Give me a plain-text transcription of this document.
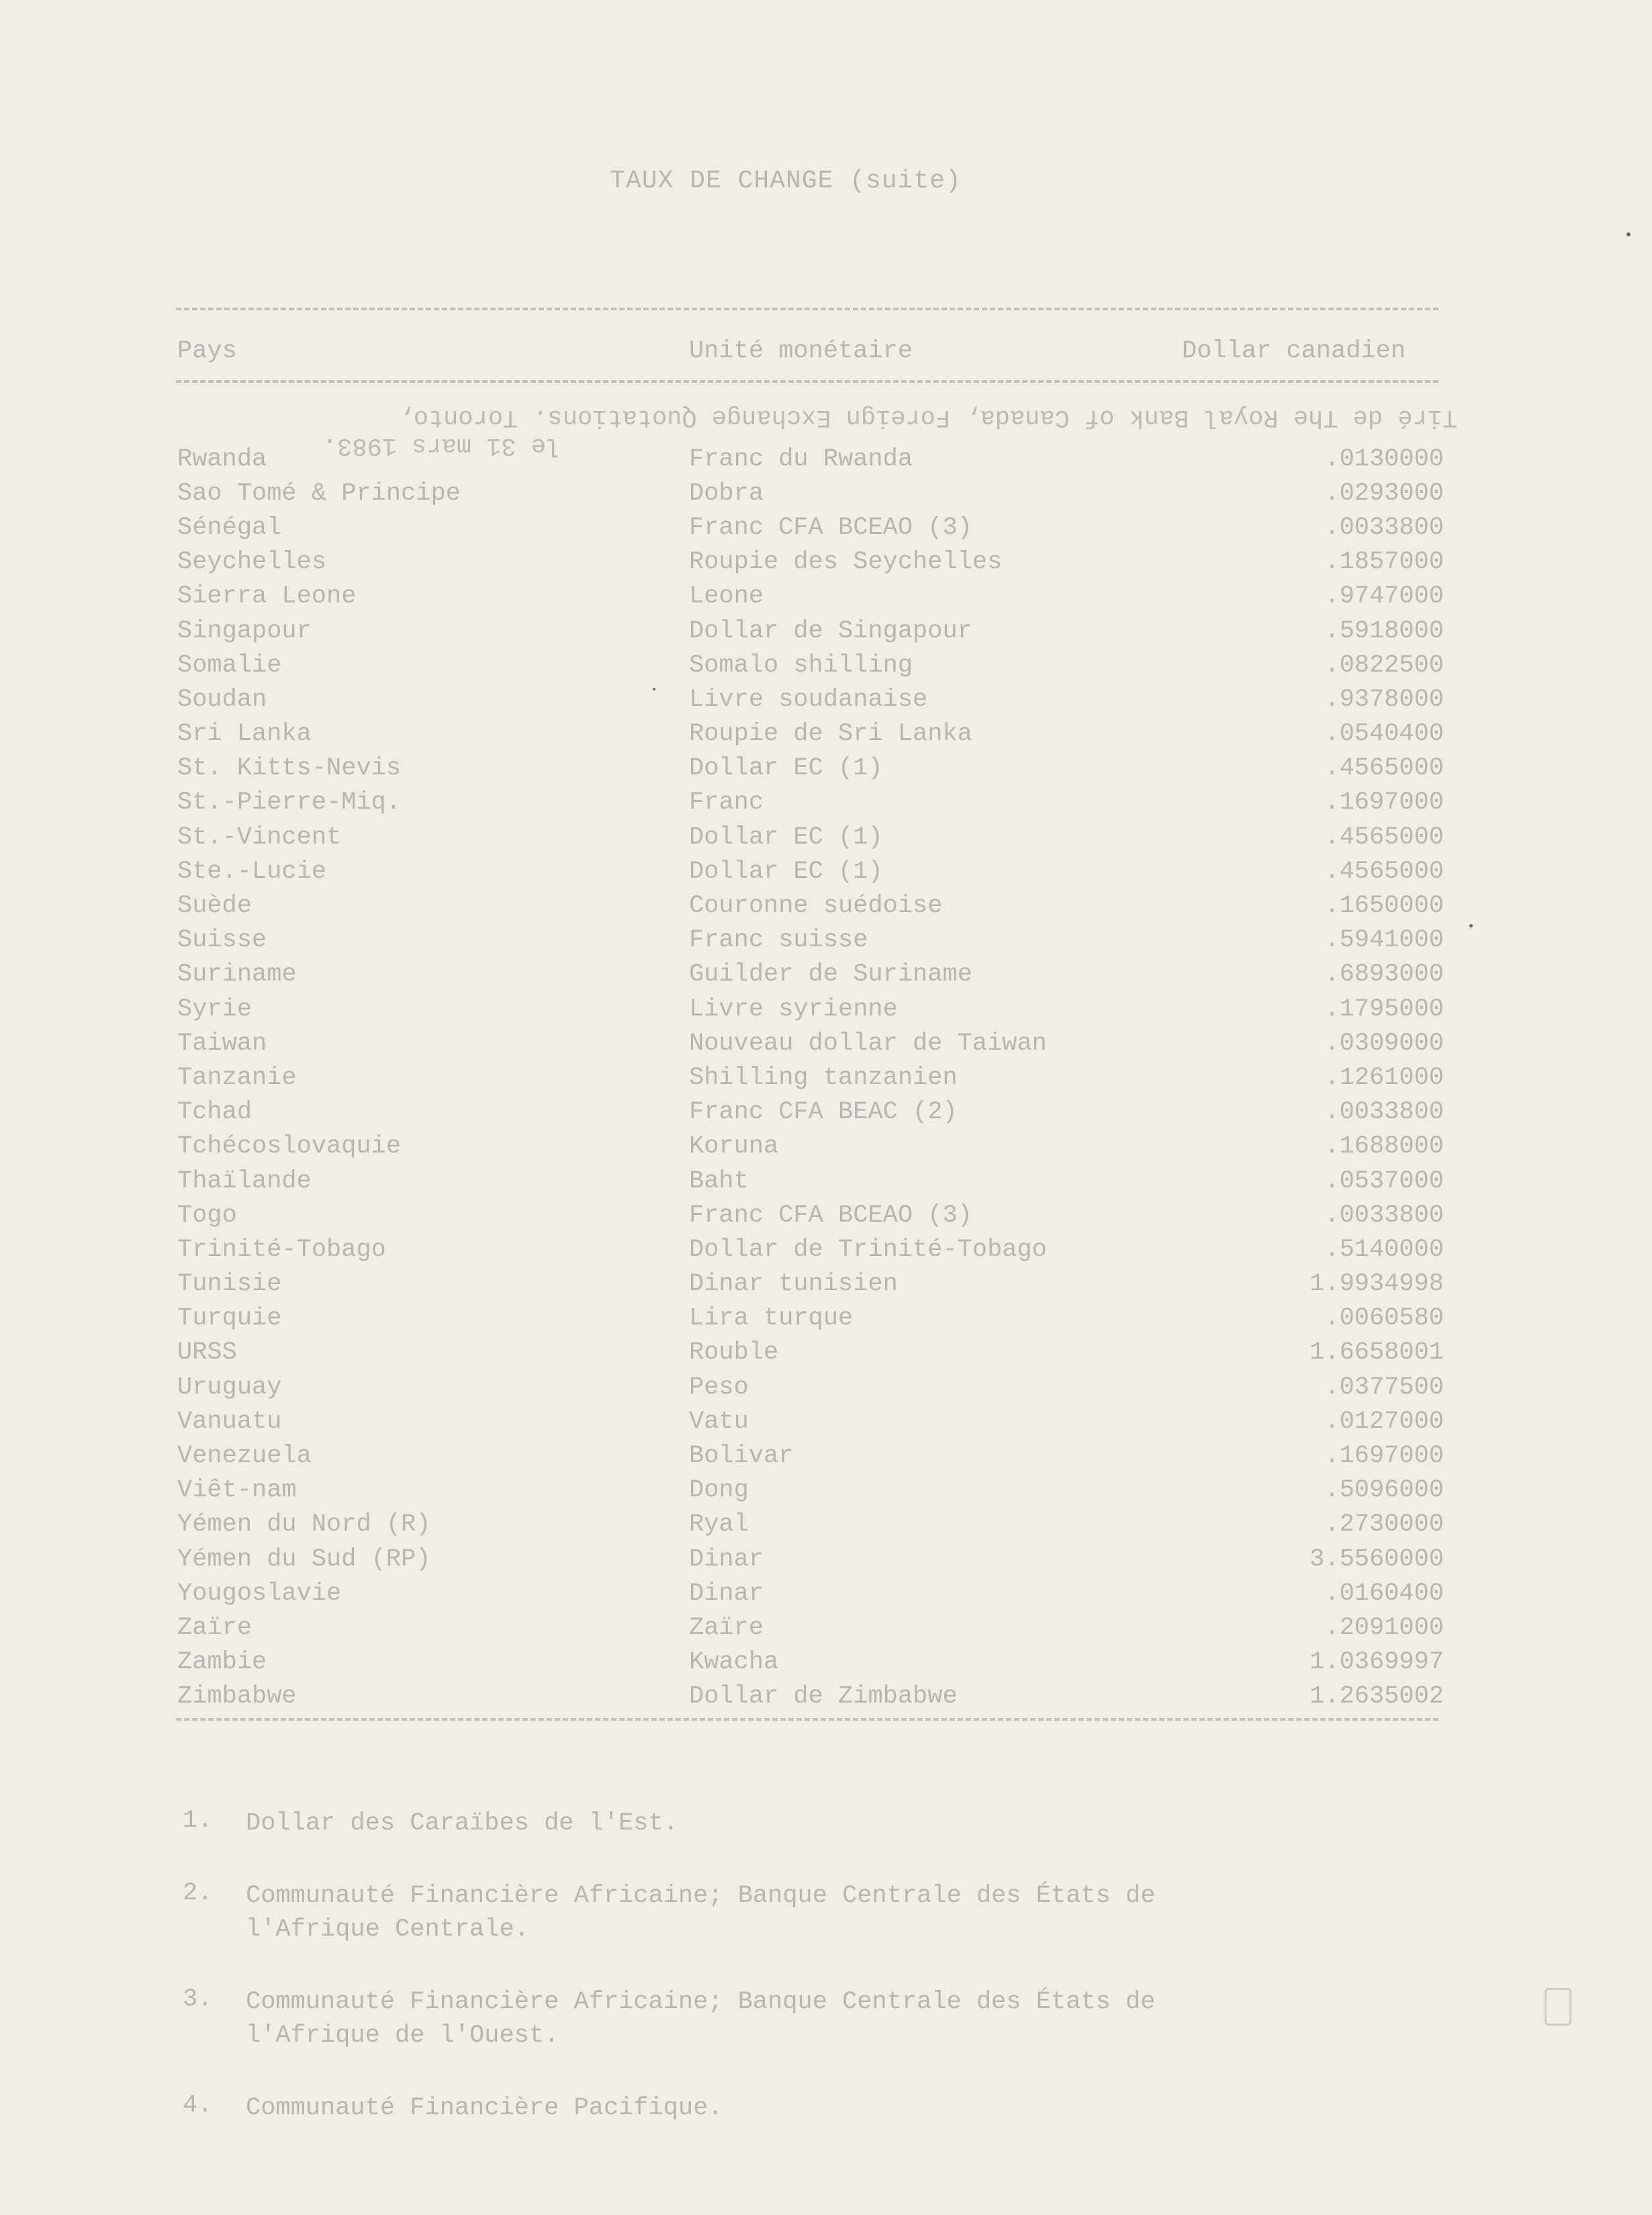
TAUX DE CHANGE (suite)
Pays	Unité monétaire	Dollar canadien
le 31 mars 1983.
Tiré de The Royal Bank of Canada, Foreign Exchange Quotations. Toronto,
Rwanda	Franc du Rwanda	.0130000
Sao Tomé & Principe	Dobra	.0293000
Sénégal	Franc CFA BCEAO (3)	.0033800
Seychelles	Roupie des Seychelles	.1857000
Sierra Leone	Leone	.9747000
Singapour	Dollar de Singapour	.5918000
Somalie	Somalo shilling	.0822500
Soudan	Livre soudanaise	.9378000
Sri Lanka	Roupie de Sri Lanka	.0540400
St. Kitts-Nevis	Dollar EC (1)	.4565000
St.-Pierre-Miq.	Franc	.1697000
St.-Vincent	Dollar EC (1)	.4565000
Ste.-Lucie	Dollar EC (1)	.4565000
Suède	Couronne suédoise	.1650000
Suisse	Franc suisse	.5941000
Suriname	Guilder de Suriname	.6893000
Syrie	Livre syrienne	.1795000
Taiwan	Nouveau dollar de Taiwan	.0309000
Tanzanie	Shilling tanzanien	.1261000
Tchad	Franc CFA BEAC (2)	.0033800
Tchécoslovaquie	Koruna	.1688000
Thaïlande	Baht	.0537000
Togo	Franc CFA BCEAO (3)	.0033800
Trinité-Tobago	Dollar de Trinité-Tobago	.5140000
Tunisie	Dinar tunisien	1.9934998
Turquie	Lira turque	.0060580
URSS	Rouble	1.6658001
Uruguay	Peso	.0377500
Vanuatu	Vatu	.0127000
Venezuela	Bolivar	.1697000
Viêt-nam	Dong	.5096000
Yémen du Nord (R)	Ryal	.2730000
Yémen du Sud (RP)	Dinar	3.5560000
Yougoslavie	Dinar	.0160400
Zaïre	Zaïre	.2091000
Zambie	Kwacha	1.0369997
Zimbabwe	Dollar de Zimbabwe	1.2635002
1.	Dollar des Caraïbes de l'Est.
2.	Communauté Financière Africaine; Banque Centrale des États de l'Afrique Centrale.
3.	Communauté Financière Africaine; Banque Centrale des États de l'Afrique de l'Ouest.
4.	Communauté Financière Pacifique.
